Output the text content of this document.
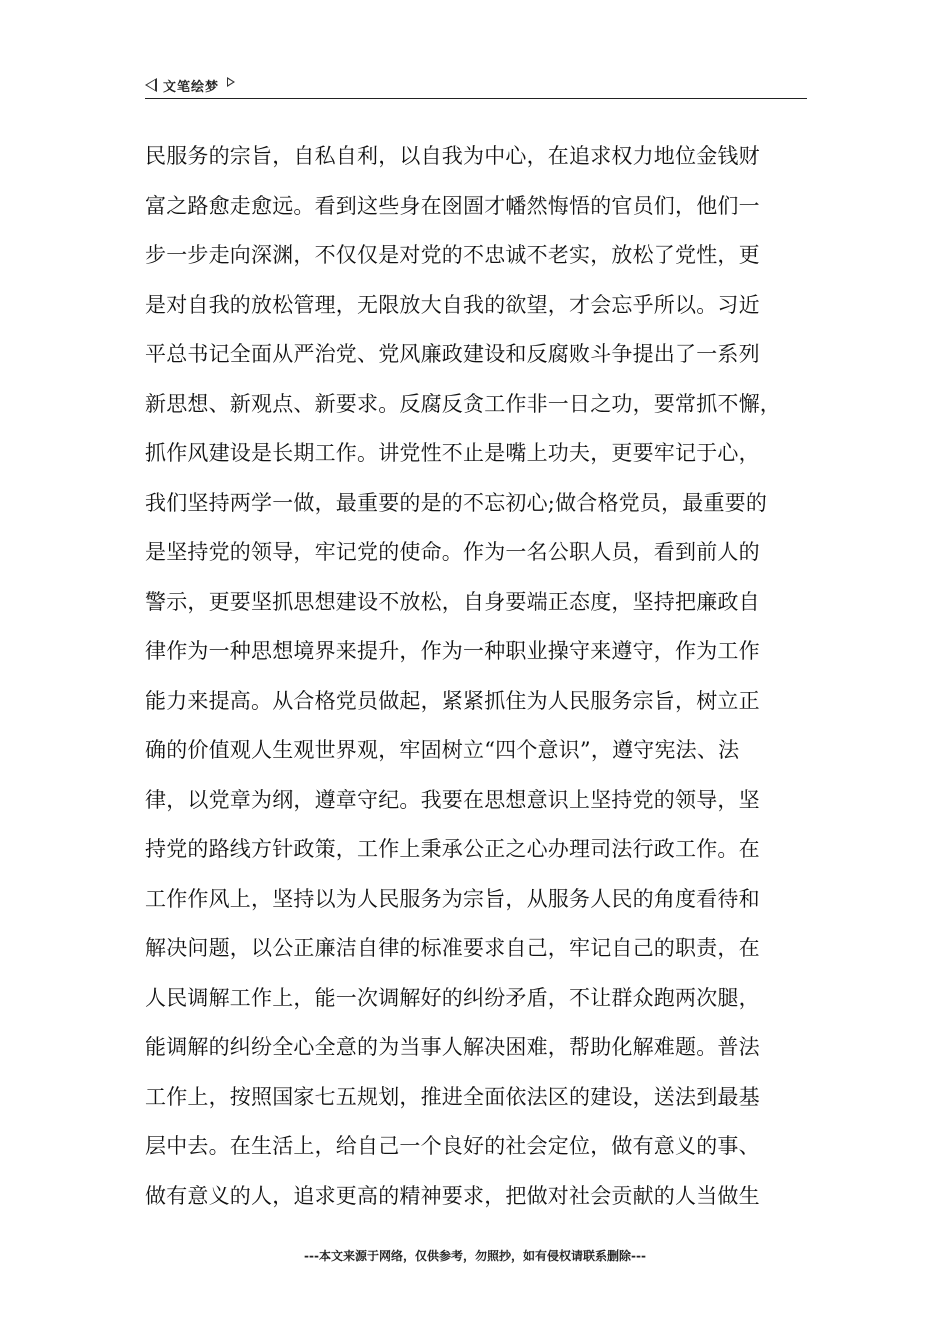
文笔绘梦
民服务的宗旨，自私自利，以自我为中心，在追求权力地位金钱财
富之路愈走愈远。看到这些身在囹圄才幡然悔悟的官员们，他们一
步一步走向深渊，不仅仅是对党的不忠诚不老实，放松了党性，更
是对自我的放松管理，无限放大自我的欲望，才会忘乎所以。习近
平总书记全面从严治党、党风廉政建设和反腐败斗争提出了一系列
新思想、新观点、新要求。反腐反贪工作非一日之功，要常抓不懈，
抓作风建设是长期工作。讲党性不止是嘴上功夫，更要牢记于心，
我们坚持两学一做，最重要的是的不忘初心;做合格党员，最重要的
是坚持党的领导，牢记党的使命。作为一名公职人员，看到前人的
警示，更要坚抓思想建设不放松，自身要端正态度，坚持把廉政自
律作为一种思想境界来提升，作为一种职业操守来遵守，作为工作
能力来提高。从合格党员做起，紧紧抓住为人民服务宗旨，树立正
确的价值观人生观世界观，牢固树立“四个意识”，遵守宪法、法
律，以党章为纲，遵章守纪。我要在思想意识上坚持党的领导，坚
持党的路线方针政策，工作上秉承公正之心办理司法行政工作。在
工作作风上，坚持以为人民服务为宗旨，从服务人民的角度看待和
解决问题，以公正廉洁自律的标准要求自己，牢记自己的职责，在
人民调解工作上，能一次调解好的纠纷矛盾，不让群众跑两次腿，
能调解的纠纷全心全意的为当事人解决困难，帮助化解难题。普法
工作上，按照国家七五规划，推进全面依法区的建设，送法到最基
层中去。在生活上，给自己一个良好的社会定位，做有意义的事、
做有意义的人，追求更高的精神要求，把做对社会贡献的人当做生
---本文来源于网络，仅供参考，勿照抄，如有侵权请联系删除---
